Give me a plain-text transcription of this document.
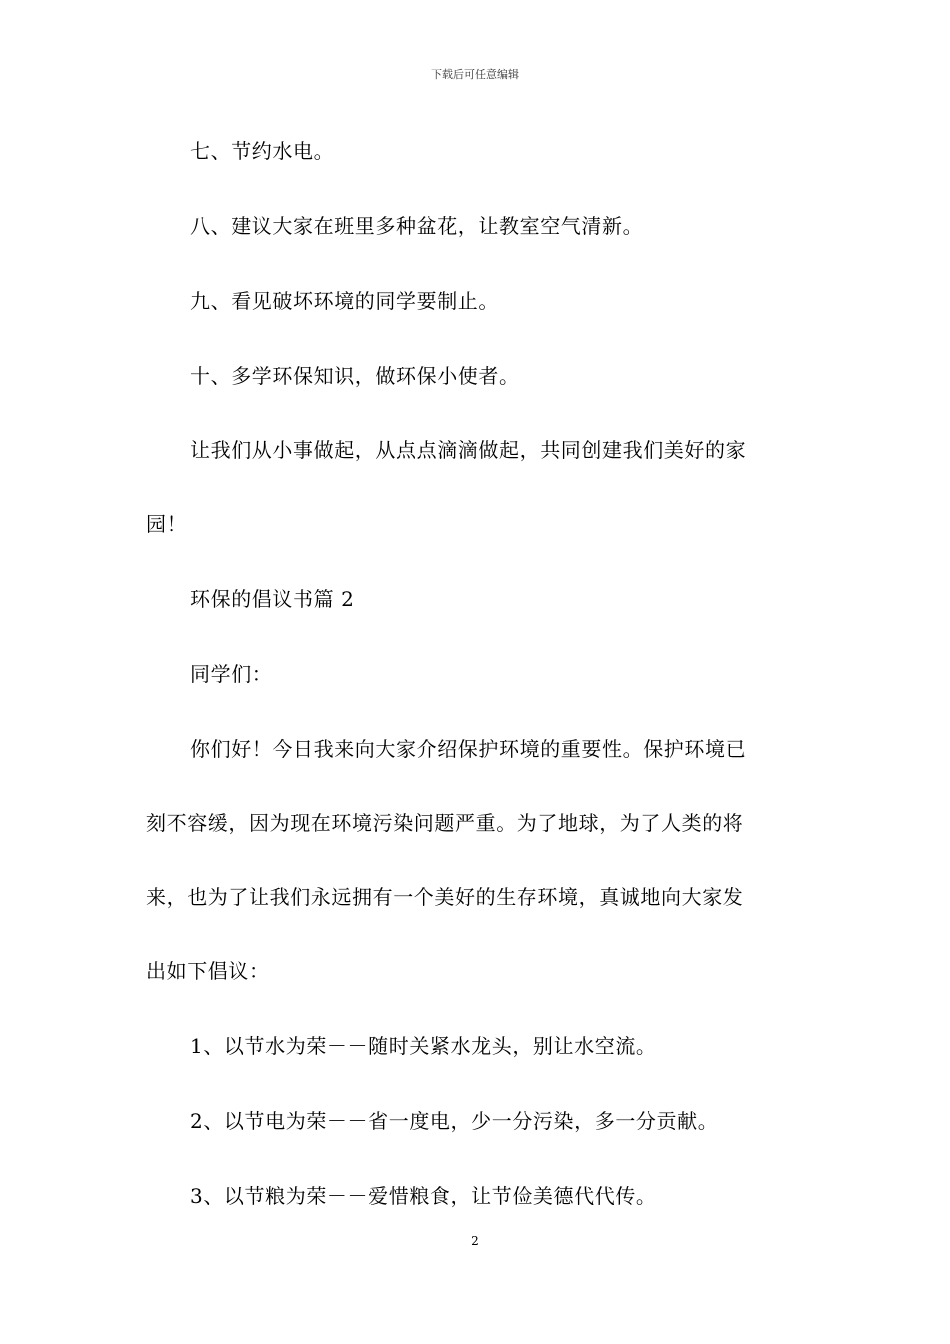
下载后可任意编辑
七、节约水电。
八、建议大家在班里多种盆花，让教室空气清新。
九、看见破坏环境的同学要制止。
十、多学环保知识，做环保小使者。
让我们从小事做起，从点点滴滴做起，共同创建我们美好的家
园！
环保的倡议书篇 2
同学们：
你们好！今日我来向大家介绍保护环境的重要性。保护环境已
刻不容缓，因为现在环境污染问题严重。为了地球，为了人类的将
来，也为了让我们永远拥有一个美好的生存环境，真诚地向大家发
出如下倡议：
1、以节水为荣－－随时关紧水龙头，别让水空流。
2、以节电为荣－－省一度电，少一分污染，多一分贡献。
3、以节粮为荣－－爱惜粮食，让节俭美德代代传。
2
